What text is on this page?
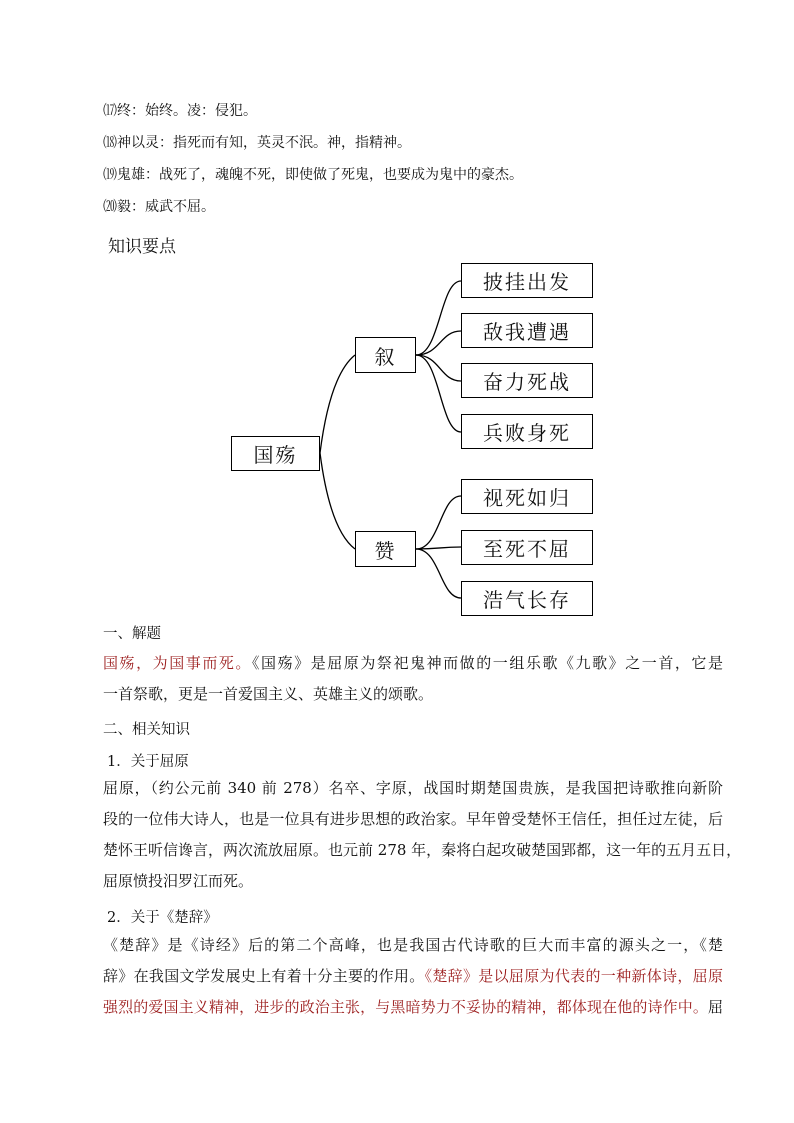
⒄终：始终。凌：侵犯。
⒅神以灵：指死而有知，英灵不泯。神，指精神。
⒆鬼雄：战死了，魂魄不死，即使做了死鬼，也要成为鬼中的豪杰。
⒇毅：威武不屈。
知识要点
国殇
叙
赞
披挂出发
敌我遭遇
奋力死战
兵败身死
视死如归
至死不屈
浩气长存
一、解题
国殇，为国事而死。《国殇》是屈原为祭祀鬼神而做的一组乐歌《九歌》之一首，它是
一首祭歌，更是一首爱国主义、英雄主义的颂歌。
二、相关知识
1．关于屈原
屈原，（约公元前 340 前 278）名卒、字原，战国时期楚国贵族，是我国把诗歌推向新阶
段的一位伟大诗人，也是一位具有进步思想的政治家。早年曾受楚怀王信任，担任过左徒，后
楚怀王听信谗言，两次流放屈原。也元前 278 年，秦将白起攻破楚国郢都，这一年的五月五日，
屈原愤投汨罗江而死。
2．关于《楚辞》
《楚辞》是《诗经》后的第二个高峰，也是我国古代诗歌的巨大而丰富的源头之一，《楚
辞》在我国文学发展史上有着十分主要的作用。《楚辞》是以屈原为代表的一种新体诗，屈原
强烈的爱国主义精神，进步的政治主张，与黑暗势力不妥协的精神，都体现在他的诗作中。屈
